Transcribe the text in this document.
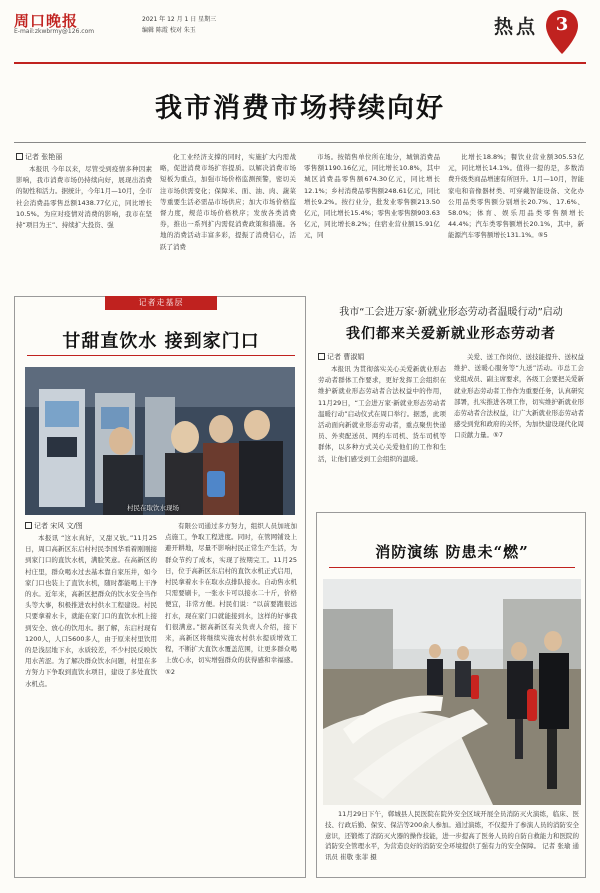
周口晚报
E-mail:zkwbrmy@126.com
2021 年 12 月 1 日 星期三
编辑 陈霞 校对 朱玉	热点 3
我市消费市场持续向好
记者 张艳丽

本报讯 今年以来，尽管受到疫情多种因素影响，我市消费市场仍持续向好，展现出消费的韧性和活力。据统计，今年1月—10月，全市社会消费品零售总额1438.77亿元，同比增长10.5%。为应对疫情对消费的影响，我市在坚持“项目为王”、持续扩大投资、强

化工业经济支撑的同时，实施扩大内需战略，促进消费市场扩容提质。以解决消费市场短板为重点，加强市场价格监测预警，密切关注市场供需变化；保障米、面、油、肉、蔬菜等重要生活必需品市场供应；加大市场价格监督力度，规范市场价格秩序；发放各类消费券，推出一系列扩内需促消费政策和措施。各地的消费活动丰富多彩，提振了消费信心，活跃了消费

市场。按销售单位所在地分，城镇消费品零售额1190.16亿元，同比增长10.8%，其中城区消费品零售额674.30亿元，同比增长12.1%；乡村消费品零售额248.61亿元，同比增长9.2%。按行业分，批发业零售额213.50亿元，同比增长15.4%；零售业零售额903.63亿元，同比增长8.2%；住宿业营业额15.91亿元，同

比增长18.8%；餐饮业营业额305.53亿元，同比增长14.1%。值得一提的是，多数消费升级类商品增速有所回升。1月—10月，智能家电和音像器材类、可穿戴智能设备、文化办公用品类零售额分别增长20.7%、17.6%、58.0%；体育、娱乐用品类零售额增长44.4%；汽车类零售额增长20.1%，其中，新能源汽车零售额增长131.1%。⑤5

记者走基层
甘甜直饮水 接到家门口
村民在取饮水现场
记者 宋风 文/图

本报讯 “这水真好，又甜又软。”11月25日，周口高新区东启村村民李国华看着刚刚接到家门口的直饮水机，满脸笑意。在高新区的村庄里，群众喝水过去基本靠自家压井，如今家门口也装上了直饮水机，随时都能喝上干净的水。近年来，高新区把群众的饮水安全当作头等大事，积极推进农村供水工程建设。村民只要拿着水卡，就能在家门口的直饮水机上接到安全、放心的饮用水。据了解，东启村现有1200人，人口5600多人，由于原来村里饮用的是浅层地下水，水质较差，不少村民反映饮用水苦涩。为了解决群众饮水问题，村里在多方努力下争取到直饮水项目，建设了多处直饮水机点。

有限公司通过多方努力，组织人员加班加点施工，争取工程进度。同时，在管网铺设上避开耕地，尽量不影响村民正常生产生活，为群众节约了成本，实现了按期完工。11月25日，位于高新区东启村的直饮水机正式启用，村民拿着水卡在取水点排队接水。自动售水机只需要刷卡，一张水卡可以接水二十斤，价格便宜，非常方便。村民们说：“以前要跑很远打水，现在家门口就能接到水，这样的好事我们很满意。”据高新区有关负责人介绍，接下来，高新区将继续实施农村供水提质增效工程，不断扩大直饮水覆盖范围，让更多群众喝上放心水，切实增强群众的获得感和幸福感。⑤2

我市“工会进万家·新就业形态劳动者温暖行动”启动
我们都来关爱新就业形态劳动者
记者 曹淑娟

本报讯 为贯彻落实关心关爱新就业形态劳动者群体工作要求，更好发挥工会组织在维护新就业形态劳动者合法权益中的作用，11月29日，“工会进万家·新就业形态劳动者温暖行动”启动仪式在周口举行。据悉，此项活动面向新就业形态劳动者，重点聚焦快递员、外卖配送员、网约车司机、货车司机等群体，以多种方式关心关爱他们的工作和生活，让他们感受到工会组织的温暖。

关爱、送工作岗位、送技能提升、送权益维护、送暖心服务等“九送”活动。市总工会党组成员、副主席要求，各级工会要把关爱新就业形态劳动者工作作为重要任务，认真研究部署，扎实推进各项工作，切实维护新就业形态劳动者合法权益，让广大新就业形态劳动者感受到党和政府的关怀，为加快建设现代化周口贡献力量。⑤7

消防演练 防患未“燃”

11月29日下午，郸城县人民医院在院外安全区域开展全员消防灭火演练，临床、医技、行政后勤、保安、保洁等200余人参加。通过演练，不仅提升了参演人员的消防安全意识，还锻炼了消防灭火器的操作技能，进一步提高了医务人员的自防自救能力和医院的消防安全管理水平，为营造良好的消防安全环境提供了强有力的安全保障。 记者 张瑜 通讯员 崔敬 张菲 摄
